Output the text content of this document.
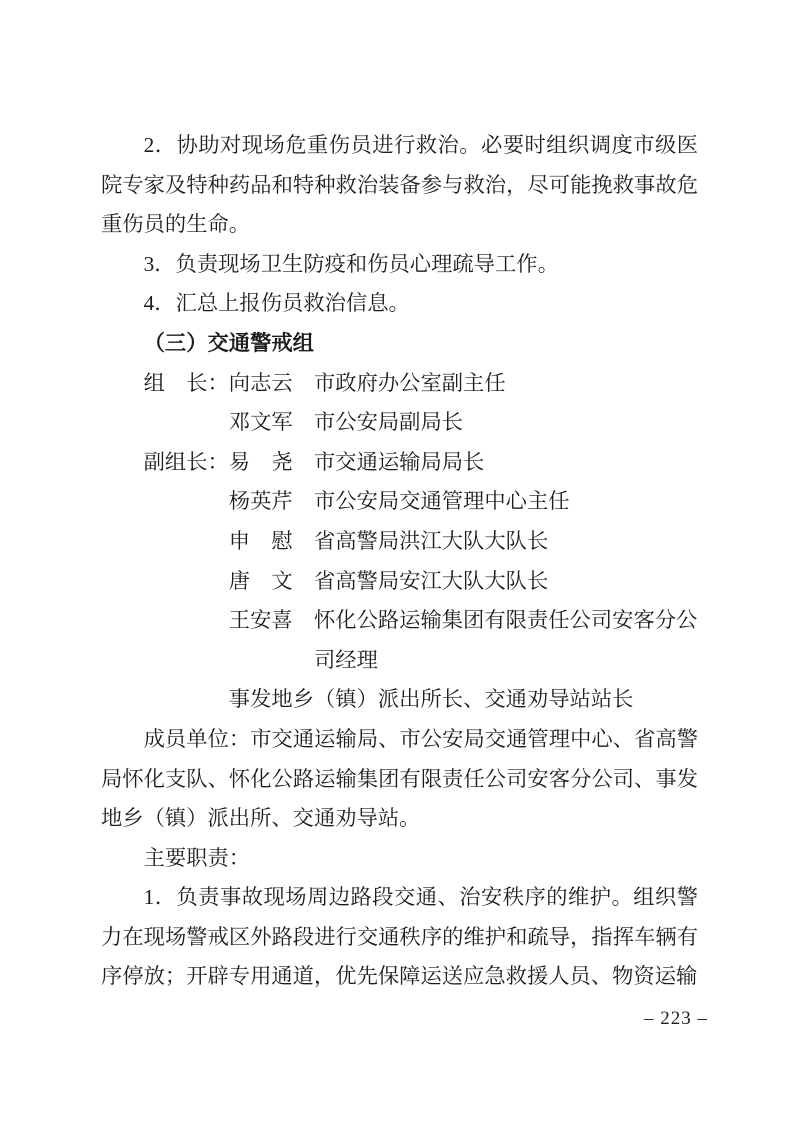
2．协助对现场危重伤员进行救治。必要时组织调度市级医院专家及特种药品和特种救治装备参与救治，尽可能挽救事故危重伤员的生命。
3．负责现场卫生防疫和伤员心理疏导工作。
4．汇总上报伤员救治信息。
（三）交通警戒组
组　长： 向志云 市政府办公室副主任
邓文军 市公安局副局长
副组长： 易　尧 市交通运输局局长
杨英芹 市公安局交通管理中心主任
申　慰 省高警局洪江大队大队长
唐　文 省高警局安江大队大队长
王安喜 怀化公路运输集团有限责任公司安客分公司经理
事发地乡（镇）派出所长、交通劝导站站长
成员单位：市交通运输局、市公安局交通管理中心、省高警局怀化支队、怀化公路运输集团有限责任公司安客分公司、事发地乡（镇）派出所、交通劝导站。
主要职责：
1．负责事故现场周边路段交通、治安秩序的维护。组织警力在现场警戒区外路段进行交通秩序的维护和疏导，指挥车辆有序停放；开辟专用通道，优先保障运送应急救援人员、物资运输
– 223 –
